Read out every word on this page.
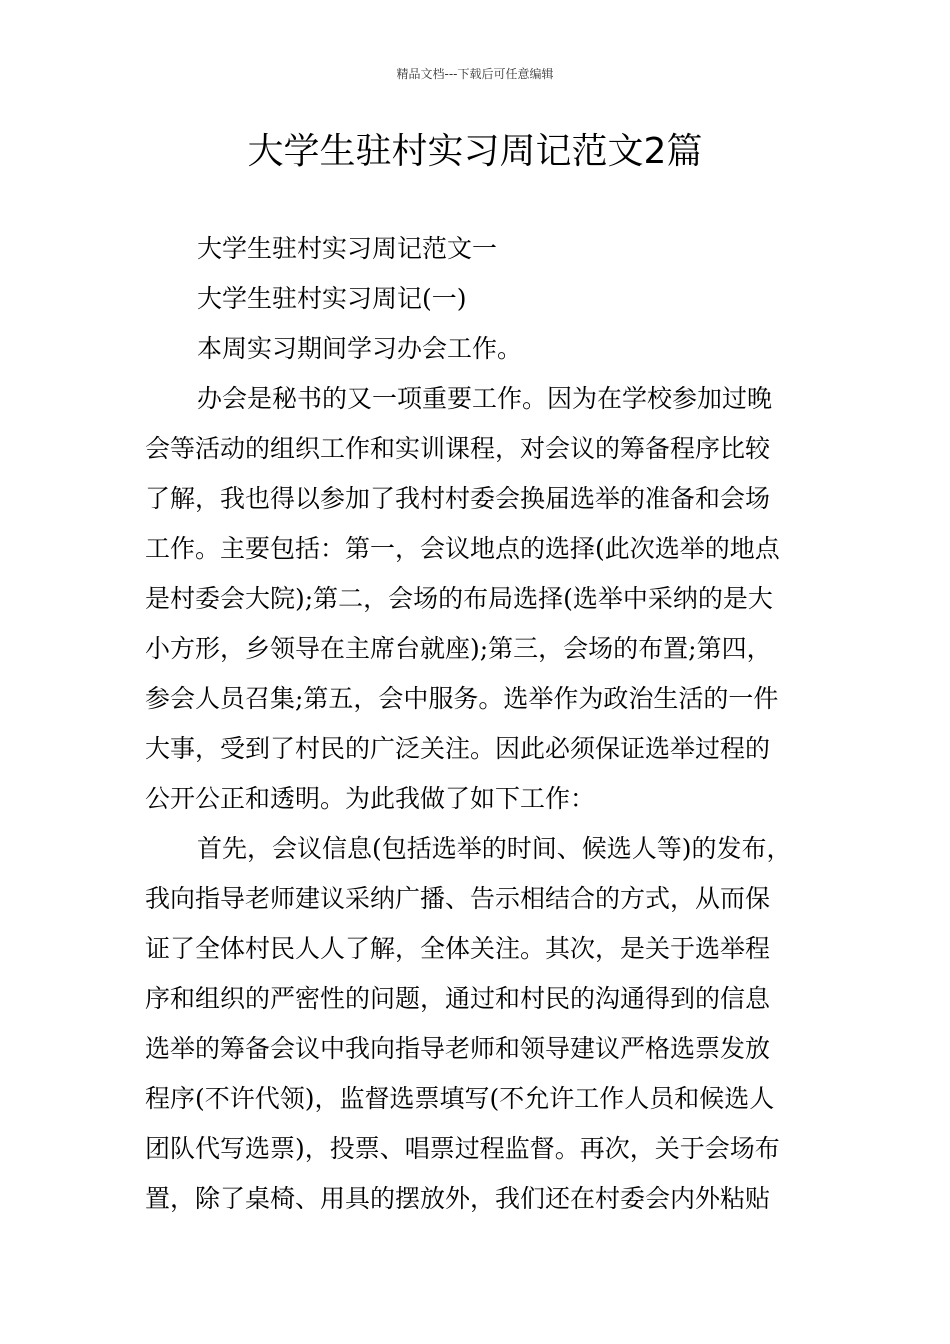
精品文档---下载后可任意编辑
大学生驻村实习周记范文2篇
大学生驻村实习周记范文一
大学生驻村实习周记(一)
本周实习期间学习办会工作。
办会是秘书的又一项重要工作。因为在学校参加过晚
会等活动的组织工作和实训课程，对会议的筹备程序比较
了解，我也得以参加了我村村委会换届选举的准备和会场
工作。主要包括：第一，会议地点的选择(此次选举的地点
是村委会大院);第二，会场的布局选择(选举中采纳的是大
小方形，乡领导在主席台就座);第三，会场的布置;第四，
参会人员召集;第五，会中服务。选举作为政治生活的一件
大事，受到了村民的广泛关注。因此必须保证选举过程的
公开公正和透明。为此我做了如下工作：
首先，会议信息(包括选举的时间、候选人等)的发布，
我向指导老师建议采纳广播、告示相结合的方式，从而保
证了全体村民人人了解，全体关注。其次，是关于选举程
序和组织的严密性的问题，通过和村民的沟通得到的信息
选举的筹备会议中我向指导老师和领导建议严格选票发放
程序(不许代领)，监督选票填写(不允许工作人员和候选人
团队代写选票)，投票、唱票过程监督。再次，关于会场布
置，除了桌椅、用具的摆放外，我们还在村委会内外粘贴
